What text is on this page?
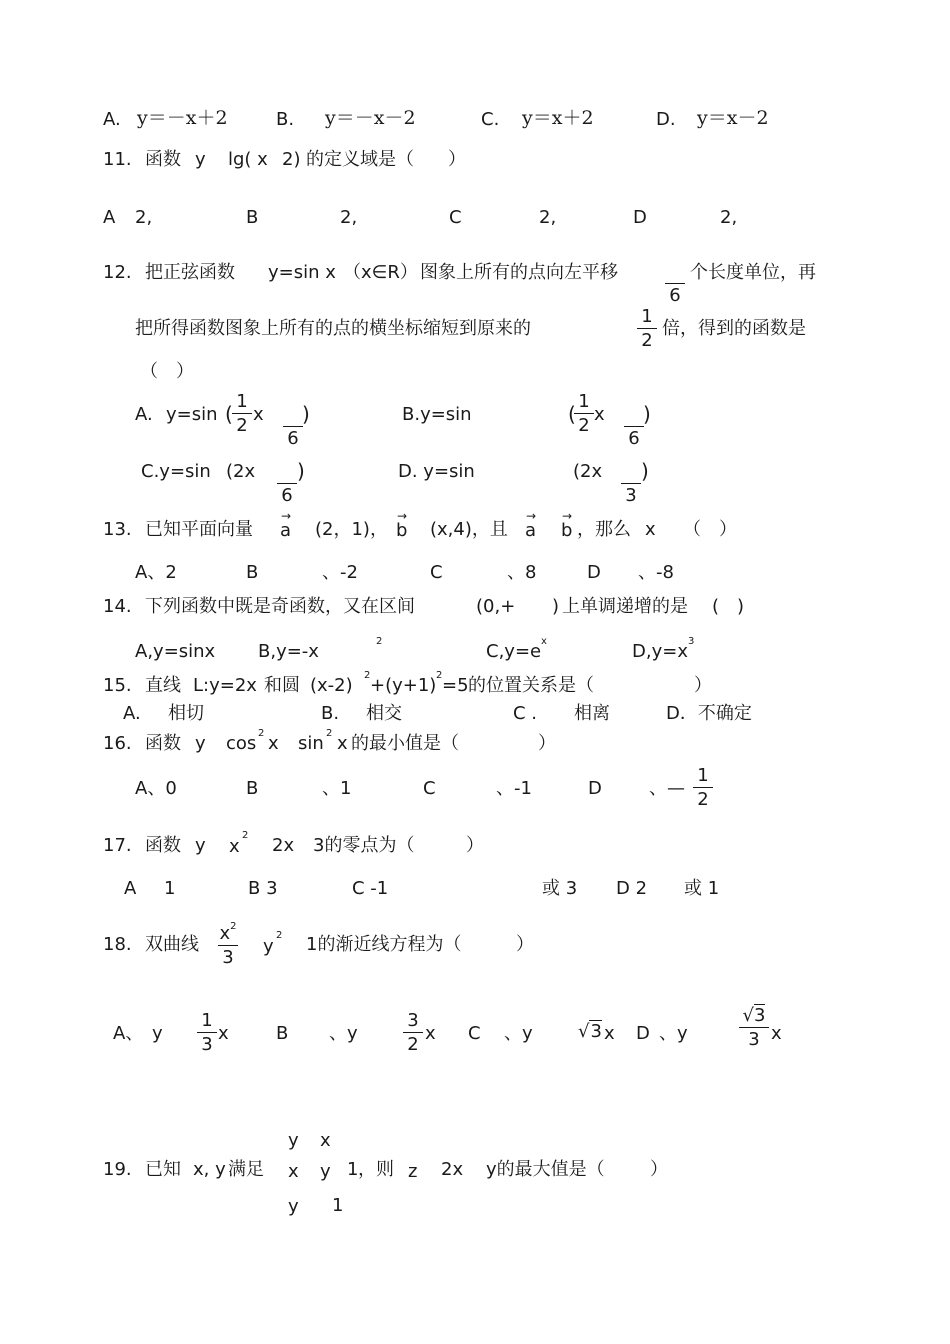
A. y＝－x＋2	B. y＝－x－2	C. y＝x＋2	D. y＝x－2
11. 函数 y lg( x 2) 的定义域是（ ）
A 2,	B	2,	C	2,	D	2,
12. 把正弦函数 y=sin x （x∈R） 图象上所有的点向左平移

6
个长度单位，再
把所得函数图象上所有的点的横坐标缩短到原来的
1
2
倍，得到的函数是
（　）
A. y=sin (
1
2
x

6
)	B.y=sin	(
1
2
x

6
)
C.y=sin (2x

6
)	D. y=sin	(2x

3
)
13. 已知平面向量
→
a (2，1)，
→
b (x,4)，且
→
a
→
b ，那么 x （　）
A、2	B	、-2	C	、8	D 、-8
14. 下列函数中既是奇函数，又在区间	(0,+ ) 上单调递增的是 (　)
A,y=sinx B,y=-x	2	C,y=e x	D,y=x 3
15. 直线 L:y=2x 和圆 (x-2) 2 +(y+1) 2 =5 的位置关系是（	）
A. 相切	B. 相交	C . 相离	D．不确定
16. 函数 y cos 2 x sin 2 x 的最小值是（	）
A、0	B	、1	C	、-1	D	、—
1
2
17. 函数 y x
2 2x 3的零点为（	）
A 1	B 3	C -1	或 3 D 2 或 1
18. 双曲线
$x^2$
3
y
2 1的渐近线方程为（	）
A、 y
1
3
x	B 、y
3
2
x C 、y	√3 x D 、y
√3
3 x
y x
19. 已知 x, y 满足 x y 1 ，则 z 2x y的最大值是（	）
y 1
